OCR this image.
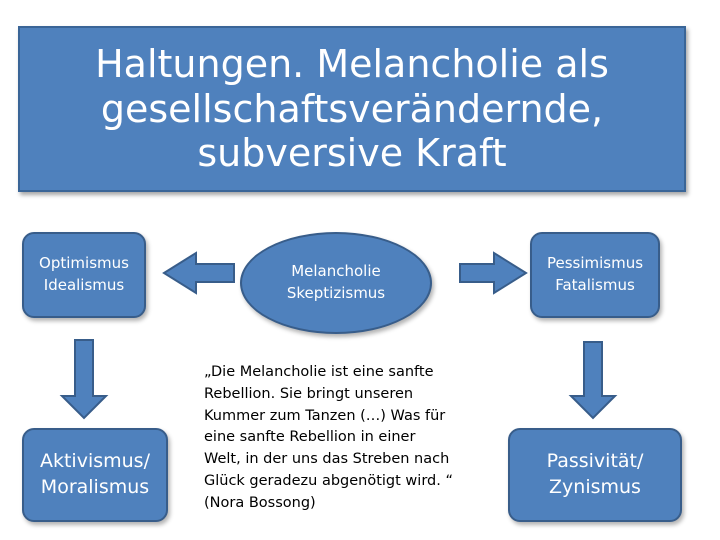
Haltungen. Melancholie als gesellschaftsverändernde, subversive Kraft
Optimismus
Idealismus
Melancholie
Skeptizismus
Pessimismus
Fatalismus
Aktivismus/
Moralismus
Passivität/
Zynismus
„Die Melancholie ist eine sanfte
Rebellion. Sie bringt unseren
Kummer zum Tanzen (…) Was für
eine sanfte Rebellion in einer
Welt, in der uns das Streben nach
Glück geradezu abgenötigt wird. “
(Nora Bossong)
